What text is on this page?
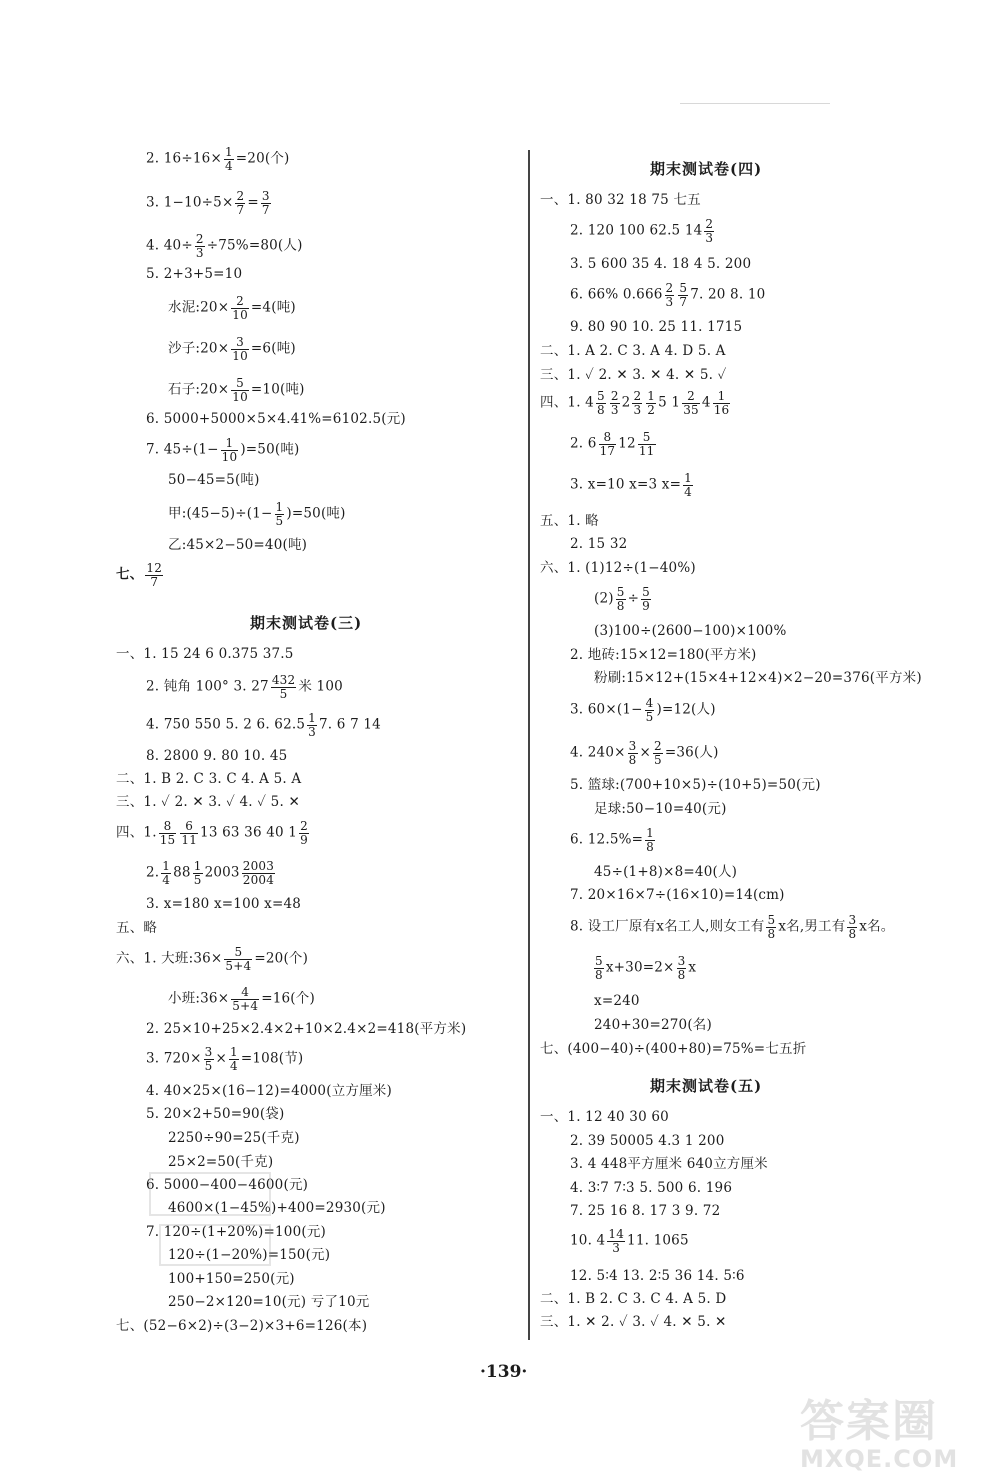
2. $16\div 16\times \frac{1}{4} =20$(个)
3. $1-10\div 5\times \frac{2}{7} = \frac{3}{7}$
4. $40\div \frac{2}{3} \div 75\%=80$(人)
5. 2+3+5=10
水泥:20× $\frac{2}{10} =4$(吨)
沙子:20× $\frac{3}{10} =6$(吨)
石子:20× $\frac{5}{10} =10$(吨)
6. 5000+5000×5×4.41%=6102.5(元)
7. $45\div(1- \frac{1}{10} )=50$(吨)
50−45=5(吨)
甲:(45−5)÷(1− $\frac{1}{5} )=50$(吨)
乙:45×2−50=40(吨)
七、 $\frac{12}{7}$
期末测试卷(三)
一、1. 15 24 6 0.375 37.5
2. 钝角 100° 3. $27 \frac{432}{5}$ 米 100
4. 750 550 5. 2 6. $62.5 \frac{1}{3} 7$. 6 7 14
8. 2800 9. 80 10. 45
二、1. B 2. C 3. C 4. A 5. A
三、1. ✓ 2. ✕ 3. ✓ 4. ✓ 5. ✕
四、1. $\frac{8}{15} \frac{6}{11} 13$ 63 36 40 $1 \frac{2}{9}$
2. $\frac{1}{4} 88 \frac{1}{5} 2003 \frac{2003}{2004}$
3. x=180 x=100 x=48
五、略
六、1. 大班:36× $\frac{5}{5+4} =20$(个)
小班:36× $\frac{4}{5+4} =16$(个)
2. 25×10+25×2.4×2+10×2.4×2=418(平方米)
3. $720\times \frac{3}{5} \times \frac{1}{4} =108$(节)
4. 40×25×(16−12)=4000(立方厘米)
5. 20×2+50=90(袋)
2250÷90=25(千克)
25×2=50(千克)
6. 5000−400−4600(元)
4600×(1−45%)+400=2930(元)
7. 120÷(1+20%)=100(元)
120÷(1−20%)=150(元)
100+150=250(元)
250−2×120=10(元) 亏了10元
七、(52−6×2)÷(3−2)×3+6=126(本)
期末测试卷(四)
一、1. 80 32 18 75 七五
2. 120 100 62.5 $14 \frac{2}{3}$
3. 5 600 35 4. 18 4 5. 200
6. 66% $0.666 \frac{2}{3} \frac{5}{7} 7$. 20 8. 10
9. 80 90 10. 25 11. 1715
二、1. A 2. C 3. A 4. D 5. A
三、1. ✓ 2. ✕ 3. ✕ 4. ✕ 5. ✓
四、1. $4 \frac{5}{8} \frac{2}{3} 2 \frac{2}{3} \frac{1}{2} 5$ $1 \frac{2}{35} 4 \frac{1}{16}$
2. $6 \frac{8}{17} 12 \frac{5}{11}$
3. x=10 x=3 $x= \frac{1}{4}$
五、1. 略
2. 15 32
六、1. (1)12÷(1−40%)
$(2) \frac{5}{8} \div \frac{5}{9}$
(3)100÷(2600−100)×100%
2. 地砖:15×12=180(平方米)
粉刷:15×12+(15×4+12×4)×2−20=376(平方米)
3. $60\times(1- \frac{4}{5} )=12$(人)
4. $240\times \frac{3}{8} \times \frac{2}{5} =36$(人)
5. 篮球:(700+10×5)÷(10+5)=50(元)
足球:50−10=40(元)
6. $12.5\%= \frac{1}{8}$
45÷(1+8)×8=40(人)
7. 20×16×7÷(16×10)=14(cm)
8. 设工厂原有x名工人,则女工有 $\frac{5}{8}$ x名,男工有 $\frac{3}{8}$ x名。
$\frac{5}{8} x+30=2\times \frac{3}{8}$ x
x=240
240+30=270(名)
七、(400−40)÷(400+80)=75%=七五折
期末测试卷(五)
一、1. 12 40 30 60
2. 39 50005 4.3 1 200
3. 4 448平方厘米 640立方厘米
4. 3∶7 7∶3 5. 500 6. 196
7. 25 16 8. 17 3 9. 72
10. $4 \frac{14}{3} 11$. 1065
12. 5∶4 13. 2∶5 36 14. 5∶6
二、1. B 2. C 3. C 4. A 5. D
三、1. ✕ 2. ✓ 3. ✓ 4. ✕ 5. ✕
·139·
答案圈
MXQE.COM
